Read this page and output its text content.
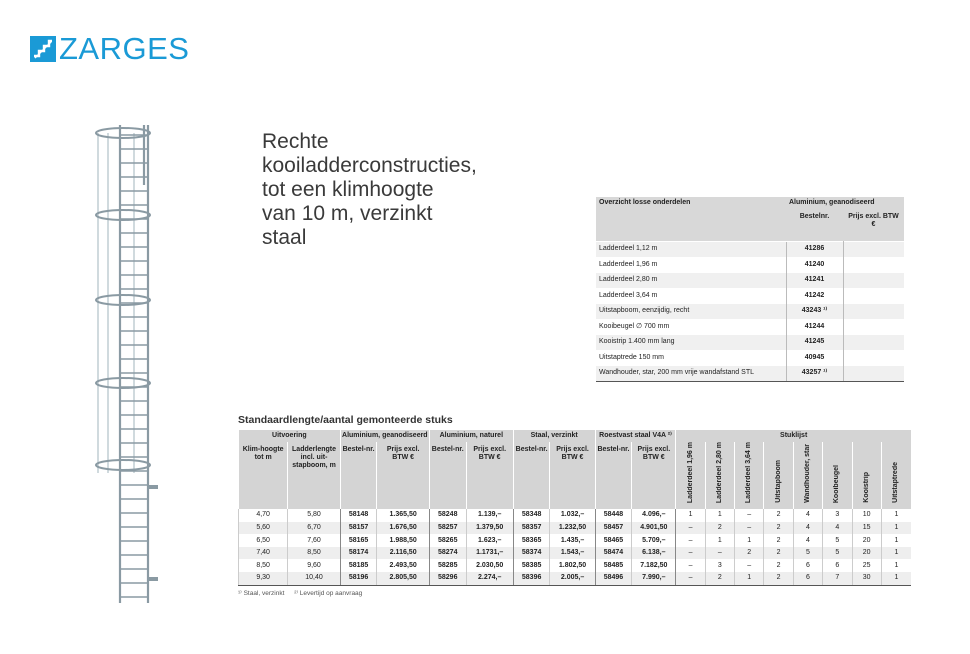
ZARGES
Rechte
kooiladderconstructies,
tot een klimhoogte
van 10 m, verzinkt
staal
Overzicht losse onderdelen	Aluminium, geanodiseerd	
	Bestelnr.	Prijs excl. BTW €
Ladderdeel 1,12 m	41286	
Ladderdeel 1,96 m	41240	
Ladderdeel 2,80 m	41241	
Ladderdeel 3,64 m	41242	
Uitstapboom, eenzijdig, recht	43243 ¹⁾	
Kooibeugel ∅ 700 mm	41244	
Kooistrip 1.400 mm lang	41245	
Uitstaptrede 150 mm	40945	
Wandhouder, star, 200 mm vrije wandafstand STL	43257 ¹⁾	
Standaardlengte/aantal gemonteerde stuks
Uitvoering		Aluminium, geanodiseerd		Aluminium, naturel		Staal, verzinkt		Roestvast staal V4A ²⁾		Stuklijst							
Klim-hoogte tot m	Ladderlengte incl. uit-stapboom, m	Bestel-nr.	Prijs excl. BTW €	Bestel-nr.	Prijs excl. BTW €	Bestel-nr.	Prijs excl. BTW €	Bestel-nr.	Prijs excl. BTW €	Ladderdeel 1,96 m	Ladderdeel 2,80 m	Ladderdeel 3,64 m	Uitstapboom	Wandhouder, star	Kooibeugel	Kooistrip	Uitstaptrede
4,70	5,80	58148	1.365,50	58248	1.139,–	58348	1.032,–	58448	4.096,–	1	1	–	2	4	3	10	1
5,60	6,70	58157	1.676,50	58257	1.379,50	58357	1.232,50	58457	4.901,50	–	2	–	2	4	4	15	1
6,50	7,60	58165	1.988,50	58265	1.623,–	58365	1.435,–	58465	5.709,–	–	1	1	2	4	5	20	1
7,40	8,50	58174	2.116,50	58274	1.1731,–	58374	1.543,–	58474	6.138,–	–	–	2	2	5	5	20	1
8,50	9,60	58185	2.493,50	58285	2.030,50	58385	1.802,50	58485	7.182,50	–	3	–	2	6	6	25	1
9,30	10,40	58196	2.805,50	58296	2.274,–	58396	2.005,–	58496	7.990,–	–	2	1	2	6	7	30	1
¹⁾ Staal, verzinkt ²⁾ Levertijd op aanvraag
